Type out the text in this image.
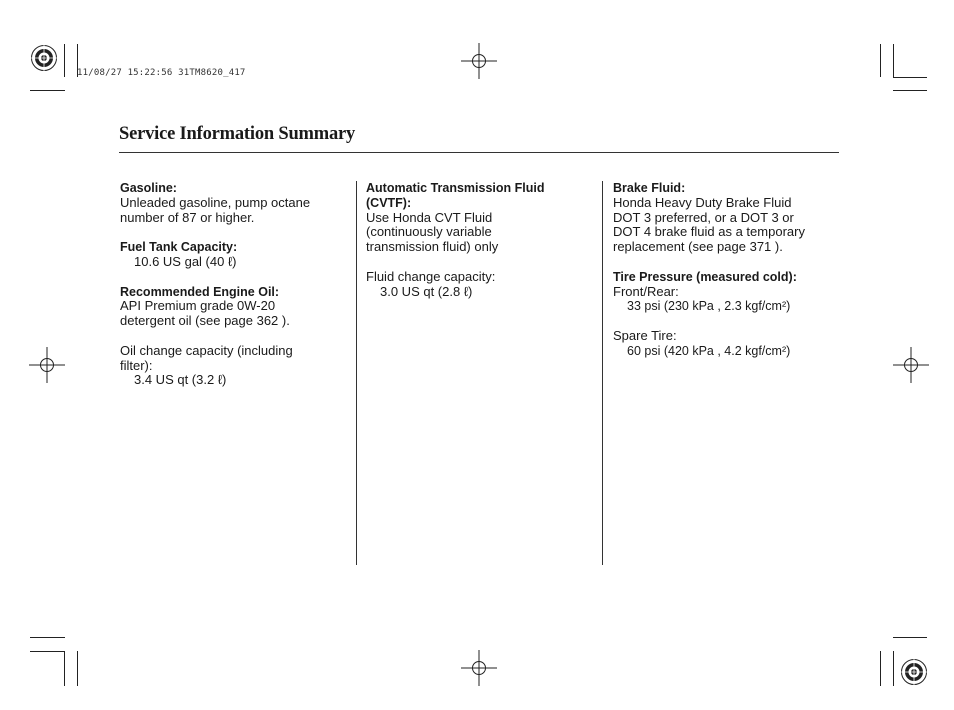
11/08/27 15:22:56 31TM8620_417
Service Information Summary

Gasoline:

Unleaded gasoline, pump octane

number of 87 or higher.

Fuel Tank Capacity:

10.6 US gal (40 ℓ)

Recommended Engine Oil:

API Premium grade 0W-20

detergent oil (see page 362 ).

Oil change capacity (including

filter):

3.4 US qt (3.2 ℓ)

Automatic Transmission Fluid

(CVTF):

Use Honda CVT Fluid

(continuously variable

transmission fluid) only

Fluid change capacity:

3.0 US qt (2.8 ℓ)

Brake Fluid:

Honda Heavy Duty Brake Fluid

DOT 3 preferred, or a DOT 3 or

DOT 4 brake fluid as a temporary

replacement (see page 371 ).

Tire Pressure (measured cold):

Front/Rear:

33 psi (230 kPa , 2.3 kgf/cm²)

Spare Tire:

60 psi (420 kPa , 4.2 kgf/cm²)
